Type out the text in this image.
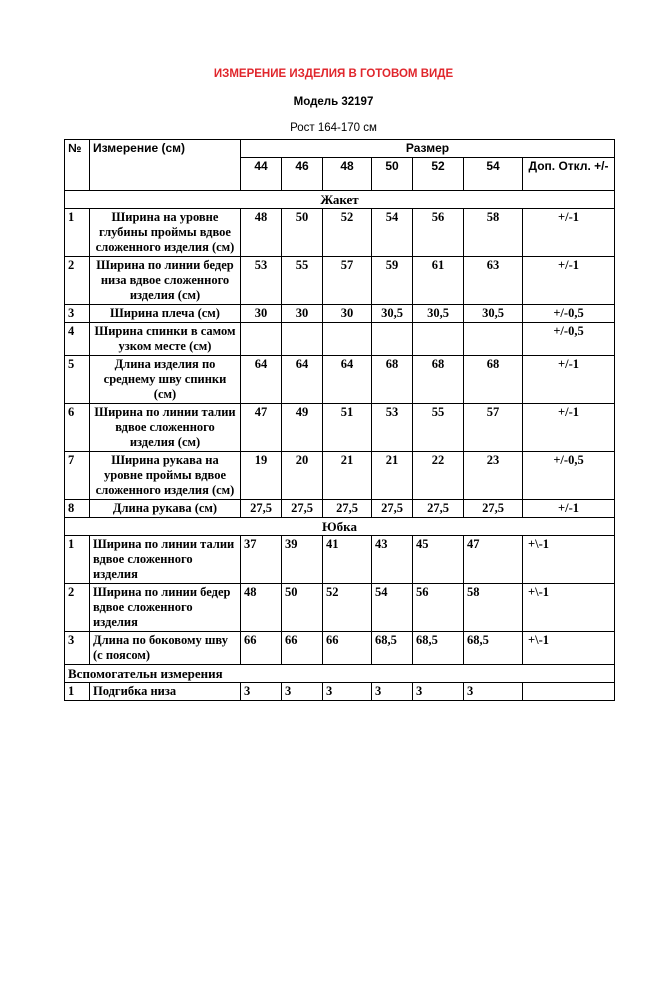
ИЗМЕРЕНИЕ ИЗДЕЛИЯ В ГОТОВОМ ВИДЕ
Модель 32197
Рост 164-170 см
№	Измерение (см)	Размер						
		44	46	48	50	52	54	Доп. Откл. +/-
Жакет								
1	Ширина на уровне глубины проймы вдвое сложенного изделия (см)	48	50	52	54	56	58	+/-1
2	Ширина по линии бедер низа вдвое сложенного изделия (см)	53	55	57	59	61	63	+/-1
3	Ширина плеча (см)	30	30	30	30,5	30,5	30,5	+/-0,5
4	Ширина спинки в самом узком месте (см)							+/-0,5
5	Длина изделия по среднему шву спинки (см)	64	64	64	68	68	68	+/-1
6	Ширина по линии талии вдвое сложенного изделия (см)	47	49	51	53	55	57	+/-1
7	Ширина рукава на уровне проймы вдвое сложенного изделия (см)	19	20	21	21	22	23	+/-0,5
8	Длина рукава (см)	27,5	27,5	27,5	27,5	27,5	27,5	+/-1
Юбка								
1	Ширина по линии талии вдвое сложенного изделия	37	39	41	43	45	47	+\-1
2	Ширина по линии бедер вдвое сложенного изделия	48	50	52	54	56	58	+\-1
3	Длина по боковому шву (с поясом)	66	66	66	68,5	68,5	68,5	+\-1
Вспомогательн измерения								
1	Подгибка низа	3	3	3	3	3	3	
